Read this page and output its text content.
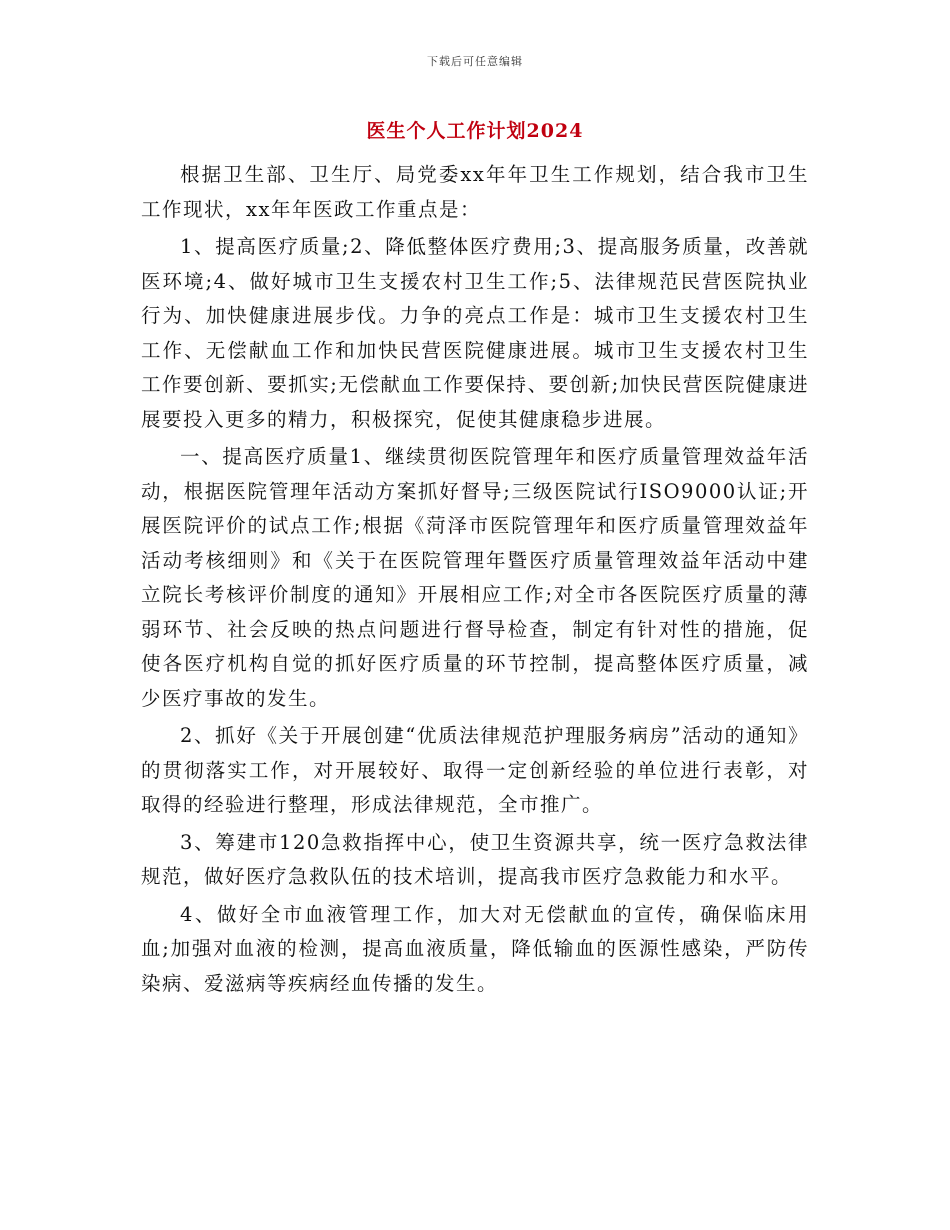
下载后可任意编辑
医生个人工作计划2024

根据卫生部、卫生厅、局党委xx年年卫生工作规划，结合我市卫生工作现状，xx年年医政工作重点是：

1、提高医疗质量;2、降低整体医疗费用;3、提高服务质量，改善就医环境;4、做好城市卫生支援农村卫生工作;5、法律规范民营医院执业行为、加快健康进展步伐。力争的亮点工作是：城市卫生支援农村卫生工作、无偿献血工作和加快民营医院健康进展。城市卫生支援农村卫生工作要创新、要抓实;无偿献血工作要保持、要创新;加快民营医院健康进展要投入更多的精力，积极探究，促使其健康稳步进展。

一、提高医疗质量1、继续贯彻医院管理年和医疗质量管理效益年活动，根据医院管理年活动方案抓好督导;三级医院试行ISO9000认证;开展医院评价的试点工作;根据《菏泽市医院管理年和医疗质量管理效益年活动考核细则》和《关于在医院管理年暨医疗质量管理效益年活动中建立院长考核评价制度的通知》开展相应工作;对全市各医院医疗质量的薄弱环节、社会反映的热点问题进行督导检查，制定有针对性的措施，促使各医疗机构自觉的抓好医疗质量的环节控制，提高整体医疗质量，减少医疗事故的发生。

2、抓好《关于开展创建“优质法律规范护理服务病房”活动的通知》的贯彻落实工作，对开展较好、取得一定创新经验的单位进行表彰，对取得的经验进行整理，形成法律规范，全市推广。

3、筹建市120急救指挥中心，使卫生资源共享，统一医疗急救法律规范，做好医疗急救队伍的技术培训，提高我市医疗急救能力和水平。

4、做好全市血液管理工作，加大对无偿献血的宣传，确保临床用血;加强对血液的检测，提高血液质量，降低输血的医源性感染，严防传染病、爱滋病等疾病经血传播的发生。
